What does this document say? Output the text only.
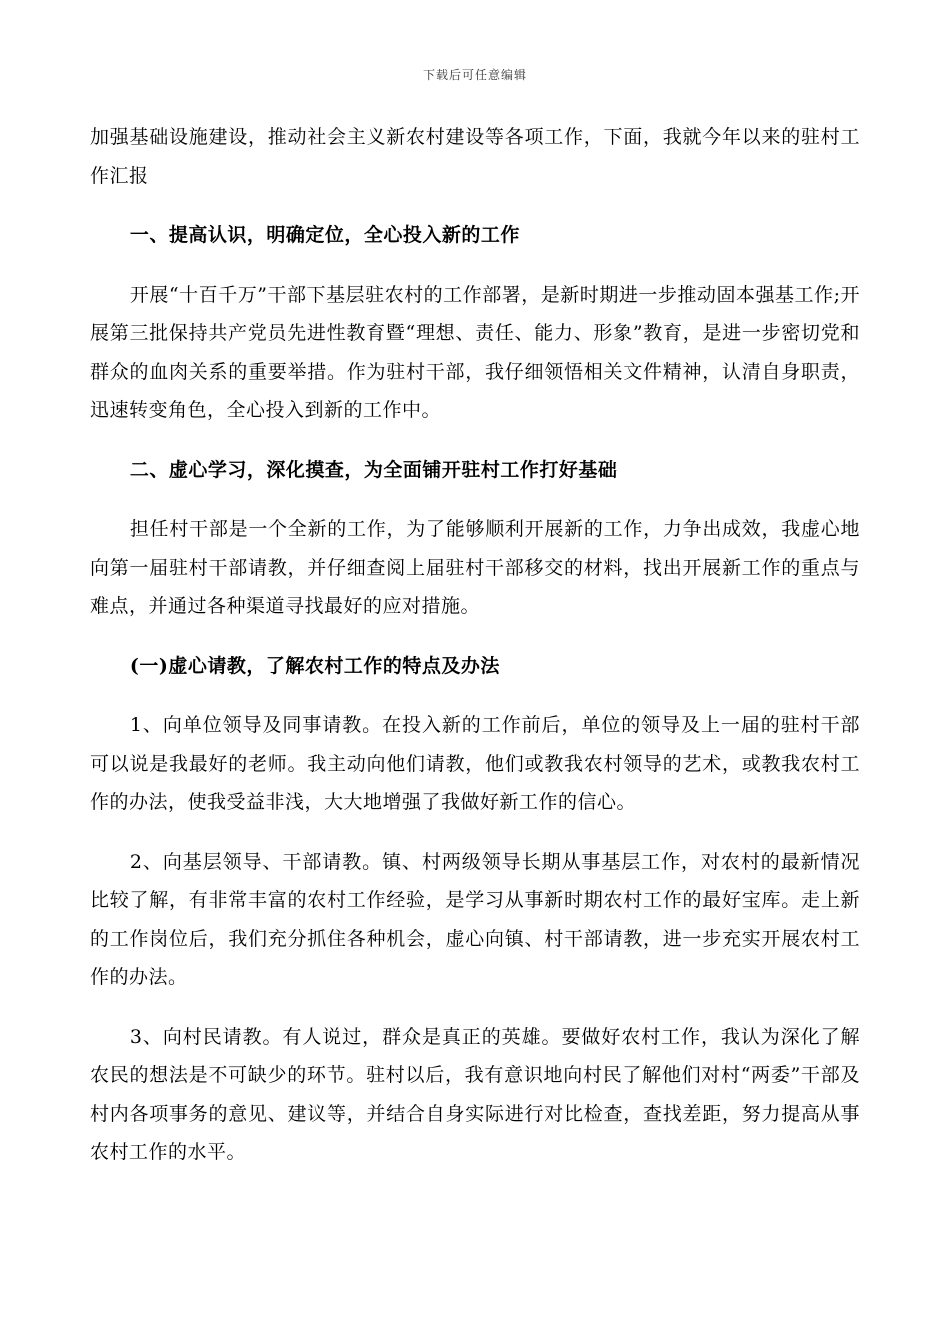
下载后可任意编辑

加强基础设施建设，推动社会主义新农村建设等各项工作，下面，我就今年以来的驻村工作汇报

一、提高认识，明确定位，全心投入新的工作

开展“十百千万”干部下基层驻农村的工作部署，是新时期进一步推动固本强基工作;开展第三批保持共产党员先进性教育暨“理想、责任、能力、形象”教育，是进一步密切党和群众的血肉关系的重要举措。作为驻村干部，我仔细领悟相关文件精神，认清自身职责，迅速转变角色，全心投入到新的工作中。

二、虚心学习，深化摸查，为全面铺开驻村工作打好基础

担任村干部是一个全新的工作，为了能够顺利开展新的工作，力争出成效，我虚心地向第一届驻村干部请教，并仔细查阅上届驻村干部移交的材料，找出开展新工作的重点与难点，并通过各种渠道寻找最好的应对措施。

(一)虚心请教，了解农村工作的特点及办法

1、向单位领导及同事请教。在投入新的工作前后，单位的领导及上一届的驻村干部可以说是我最好的老师。我主动向他们请教，他们或教我农村领导的艺术，或教我农村工作的办法，使我受益非浅，大大地增强了我做好新工作的信心。

2、向基层领导、干部请教。镇、村两级领导长期从事基层工作，对农村的最新情况比较了解，有非常丰富的农村工作经验，是学习从事新时期农村工作的最好宝库。走上新的工作岗位后，我们充分抓住各种机会，虚心向镇、村干部请教，进一步充实开展农村工作的办法。

3、向村民请教。有人说过，群众是真正的英雄。要做好农村工作，我认为深化了解农民的想法是不可缺少的环节。驻村以后，我有意识地向村民了解他们对村“两委”干部及村内各项事务的意见、建议等，并结合自身实际进行对比检查，查找差距，努力提高从事农村工作的水平。
